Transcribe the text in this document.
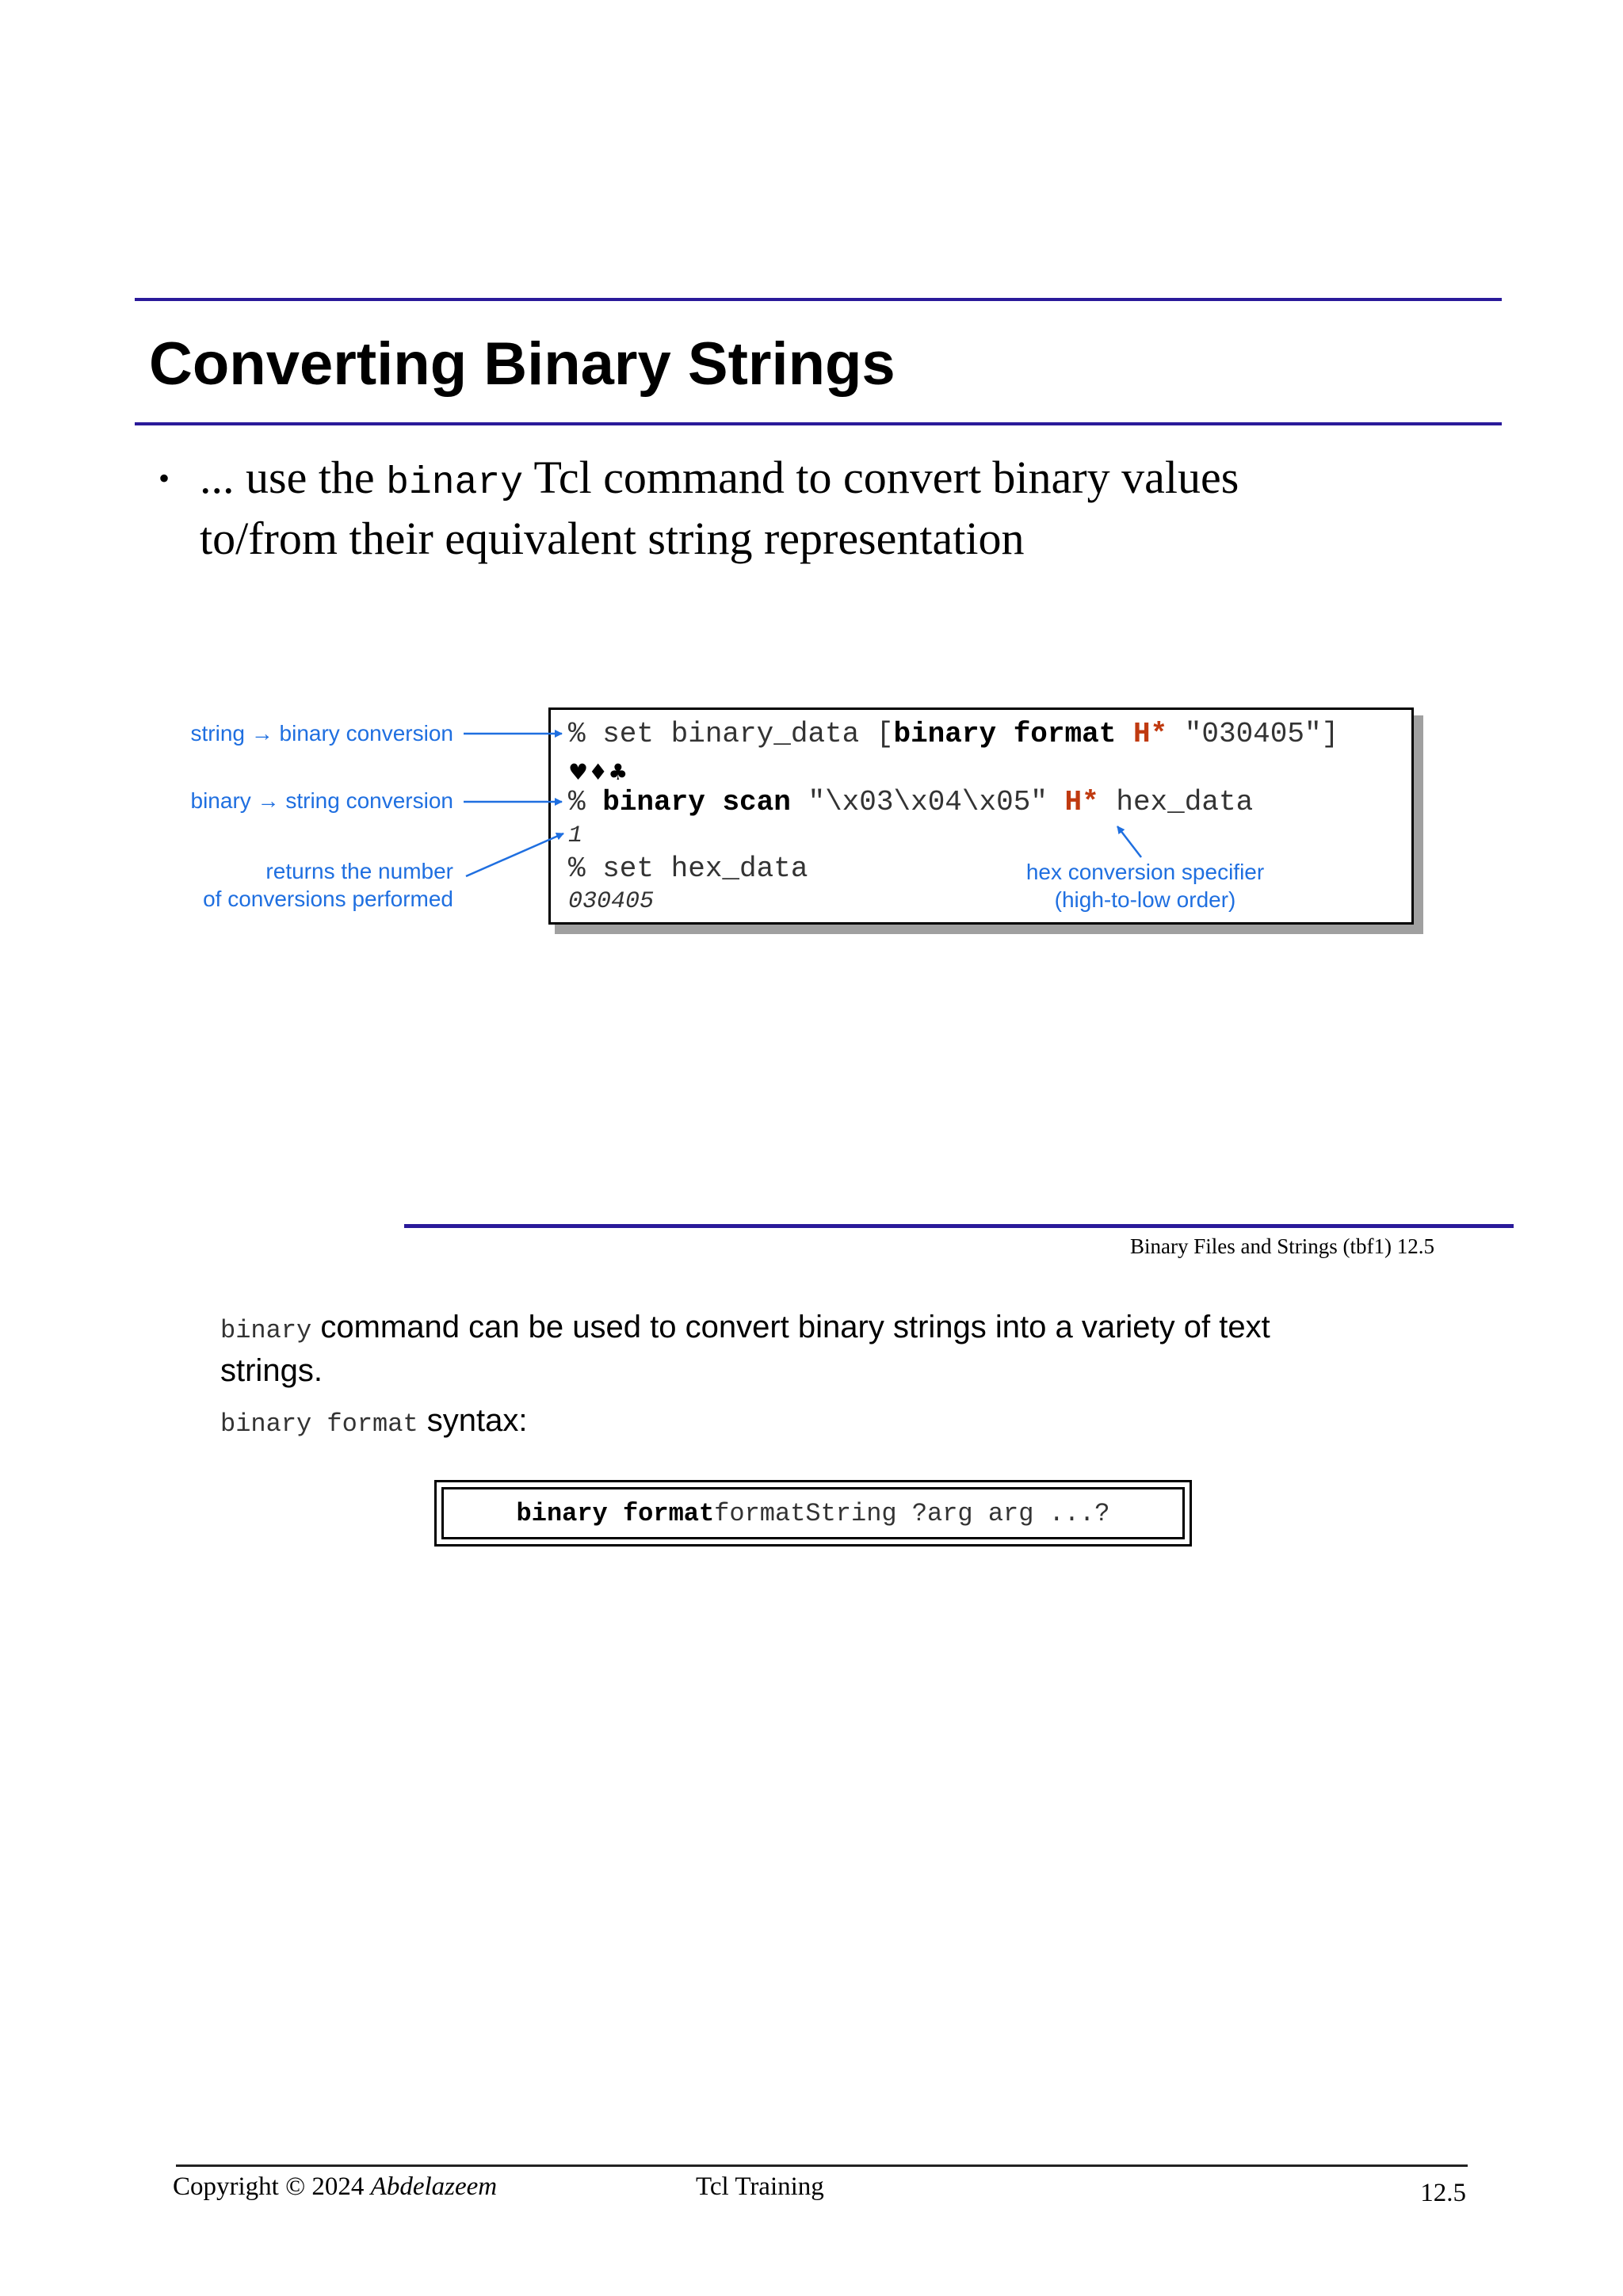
Converting Binary Strings
• ... use the binary Tcl command to convert binary values
to/from their equivalent string representation
% set binary_data [binary format H* "030405"]
♥♦♣
% binary scan "\x03\x04\x05" H* hex_data
1
% set hex_data
030405
string → binary conversion
binary → string conversion
returns the number
of conversions performed
hex conversion specifier
(high-to-low order)
Binary Files and Strings (tbf1) 12.5
binary command can be used to convert binary strings into a variety of text
strings.
binary format syntax:
binary format formatString ?arg arg ...?
Copyright © 2024 Abdelazeem	Tcl Training	12.5
